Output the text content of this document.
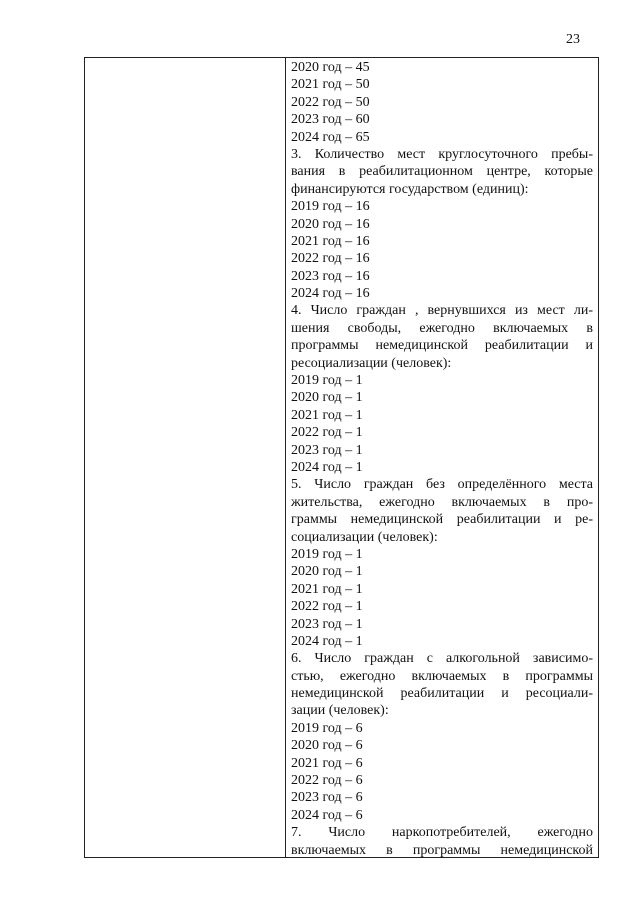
23
2020 год – 45
2021 год – 50
2022 год – 50
2023 год – 60
2024 год – 65
3. Количество мест круглосуточного пребы-
вания в реабилитационном центре, которые
финансируются государством (единиц):
2019 год – 16
2020 год – 16
2021 год – 16
2022 год – 16
2023 год – 16
2024 год – 16
4. Число граждан , вернувшихся из мест ли-
шения свободы, ежегодно включаемых в
программы немедицинской реабилитации и
ресоциализации (человек):
2019 год – 1
2020 год – 1
2021 год – 1
2022 год – 1
2023 год – 1
2024 год – 1
5. Число граждан без определённого места
жительства, ежегодно включаемых в про-
граммы немедицинской реабилитации и ре-
социализации (человек):
2019 год – 1
2020 год – 1
2021 год – 1
2022 год – 1
2023 год – 1
2024 год – 1
6. Число граждан с алкогольной зависимо-
стью, ежегодно включаемых в программы
немедицинской реабилитации и ресоциали-
зации (человек):
2019 год – 6
2020 год – 6
2021 год – 6
2022 год – 6
2023 год – 6
2024 год – 6
7. Число наркопотребителей, ежегодно
включаемых в программы немедицинской
